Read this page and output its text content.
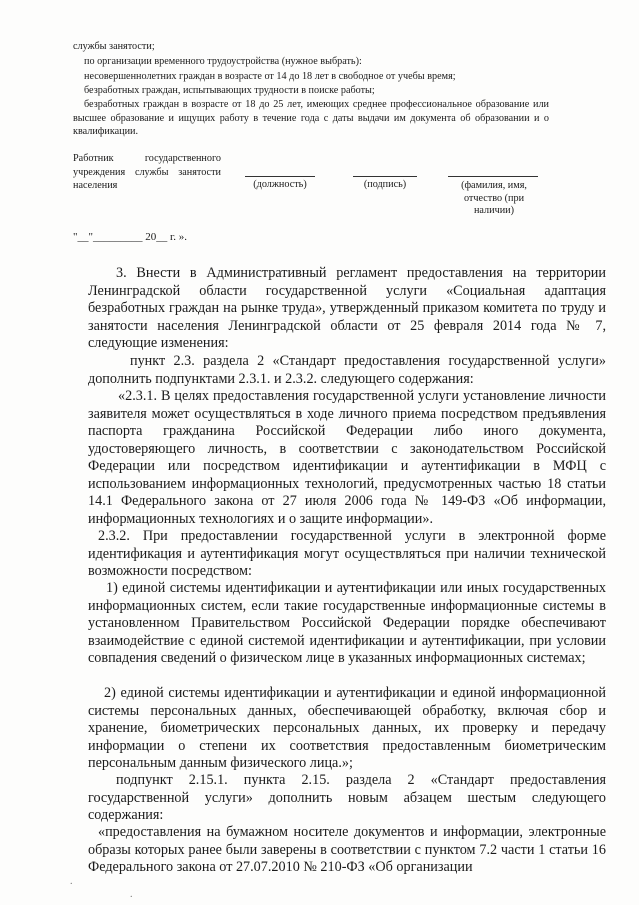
службы занятости;
по организации временного трудоустройства (нужное выбрать):
несовершеннолетних граждан в возрасте от 14 до 18 лет в свободное от учебы время;
безработных граждан, испытывающих трудности в поиске работы;
безработных граждан в возрасте от 18 до 25 лет, имеющих среднее профессиональное образование или высшее образование и ищущих работу в течение года с даты выдачи им документа об образовании и о квалификации.
Работник государственного учреждения службы занятости населения	(должность)	(подпись)	(фамилия, имя, отчество (при наличии)
"__"_________ 20__ г. ».
3. Внести в Административный регламент предоставления на территории Ленинградской области государственной услуги «Социальная адаптация безработных граждан на рынке труда», утвержденный приказом комитета по труду и занятости населения Ленинградской области от 25 февраля 2014 года № 7, следующие изменения:
пункт 2.3. раздела 2 «Стандарт предоставления государственной услуги» дополнить подпунктами 2.3.1. и 2.3.2. следующего содержания:
«2.3.1. В целях предоставления государственной услуги установление личности заявителя может осуществляться в ходе личного приема посредством предъявления паспорта гражданина Российской Федерации либо иного документа, удостоверяющего личность, в соответствии с законодательством Российской Федерации или посредством идентификации и аутентификации в МФЦ с использованием информационных технологий, предусмотренных частью 18 статьи 14.1 Федерального закона от 27 июля 2006 года № 149-ФЗ «Об информации, информационных технологиях и о защите информации».
2.3.2. При предоставлении государственной услуги в электронной форме идентификация и аутентификация могут осуществляться при наличии технической возможности посредством:
1) единой системы идентификации и аутентификации или иных государственных информационных систем, если такие государственные информационные системы в установленном Правительством Российской Федерации порядке обеспечивают взаимодействие с единой системой идентификации и аутентификации, при условии совпадения сведений о физическом лице в указанных информационных системах;
2) единой системы идентификации и аутентификации и единой информационной системы персональных данных, обеспечивающей обработку, включая сбор и хранение, биометрических персональных данных, их проверку и передачу информации о степени их соответствия предоставленным биометрическим персональным данным физического лица.»;
подпункт 2.15.1. пункта 2.15. раздела 2 «Стандарт предоставления государственной услуги» дополнить новым абзацем шестым следующего содержания:
«предоставления на бумажном носителе документов и информации, электронные образы которых ранее были заверены в соответствии с пунктом 7.2 части 1 статьи 16 Федерального закона от 27.07.2010 № 210-ФЗ «Об организации
.
.
